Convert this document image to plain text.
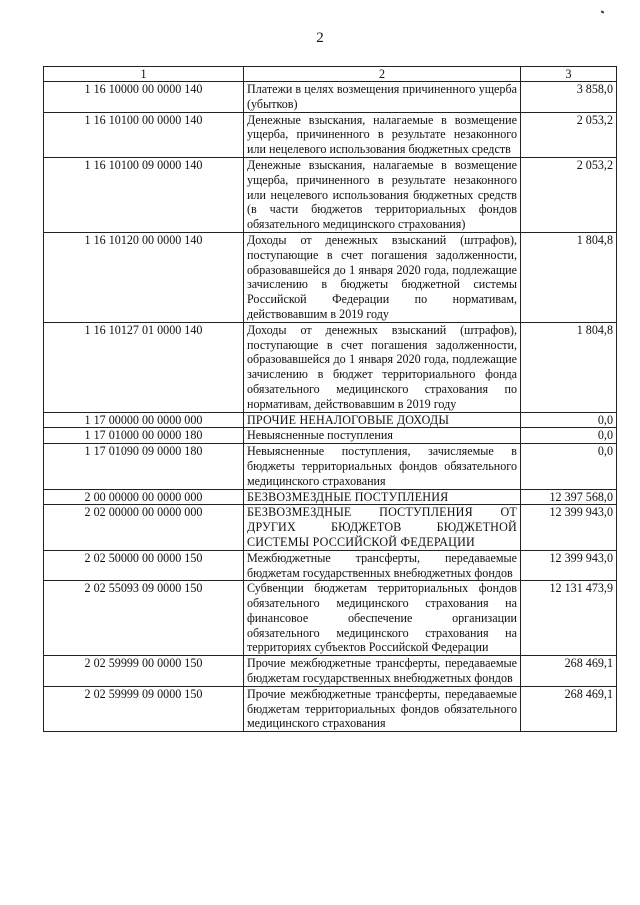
2
1	2	3
1 16 10000 00 0000 140	Платежи в целях возмещения причиненного ущерба (убытков)	3 858,0
1 16 10100 00 0000 140	Денежные взыскания, налагаемые в возмещение ущерба, причиненного в результате незаконного или нецелевого использования бюджетных средств	2 053,2
1 16 10100 09 0000 140	Денежные взыскания, налагаемые в возмещение ущерба, причиненного в результате незаконного или нецелевого использования бюджетных средств (в части бюджетов территориальных фондов обязательного медицинского страхования)	2 053,2
1 16 10120 00 0000 140	Доходы от денежных взысканий (штрафов), поступающие в счет погашения задолженности, образовавшейся до 1 января 2020 года, подлежащие зачислению в бюджеты бюджетной системы Российской Федерации по нормативам, действовавшим в 2019 году	1 804,8
1 16 10127 01 0000 140	Доходы от денежных взысканий (штрафов), поступающие в счет погашения задолженности, образовавшейся до 1 января 2020 года, подлежащие зачислению в бюджет территориального фонда обязательного медицинского страхования по нормативам, действовавшим в 2019 году	1 804,8
1 17 00000 00 0000 000	ПРОЧИЕ НЕНАЛОГОВЫЕ ДОХОДЫ	0,0
1 17 01000 00 0000 180	Невыясненные поступления	0,0
1 17 01090 09 0000 180	Невыясненные поступления, зачисляемые в бюджеты территориальных фондов обязательного медицинского страхования	0,0
2 00 00000 00 0000 000	БЕЗВОЗМЕЗДНЫЕ ПОСТУПЛЕНИЯ	12 397 568,0
2 02 00000 00 0000 000	БЕЗВОЗМЕЗДНЫЕ ПОСТУПЛЕНИЯ ОТ ДРУГИХ БЮДЖЕТОВ БЮДЖЕТНОЙ СИСТЕМЫ РОССИЙСКОЙ ФЕДЕРАЦИИ	12 399 943,0
2 02 50000 00 0000 150	Межбюджетные трансферты, передаваемые бюджетам государственных внебюджетных фондов	12 399 943,0
2 02 55093 09 0000 150	Субвенции бюджетам территориальных фондов обязательного медицинского страхования на финансовое обеспечение организации обязательного медицинского страхования на территориях субъектов Российской Федерации	12 131 473,9
2 02 59999 00 0000 150	Прочие межбюджетные трансферты, передаваемые бюджетам государственных внебюджетных фондов	268 469,1
2 02 59999 09 0000 150	Прочие межбюджетные трансферты, передаваемые бюджетам территориальных фондов обязательного медицинского страхования	268 469,1
